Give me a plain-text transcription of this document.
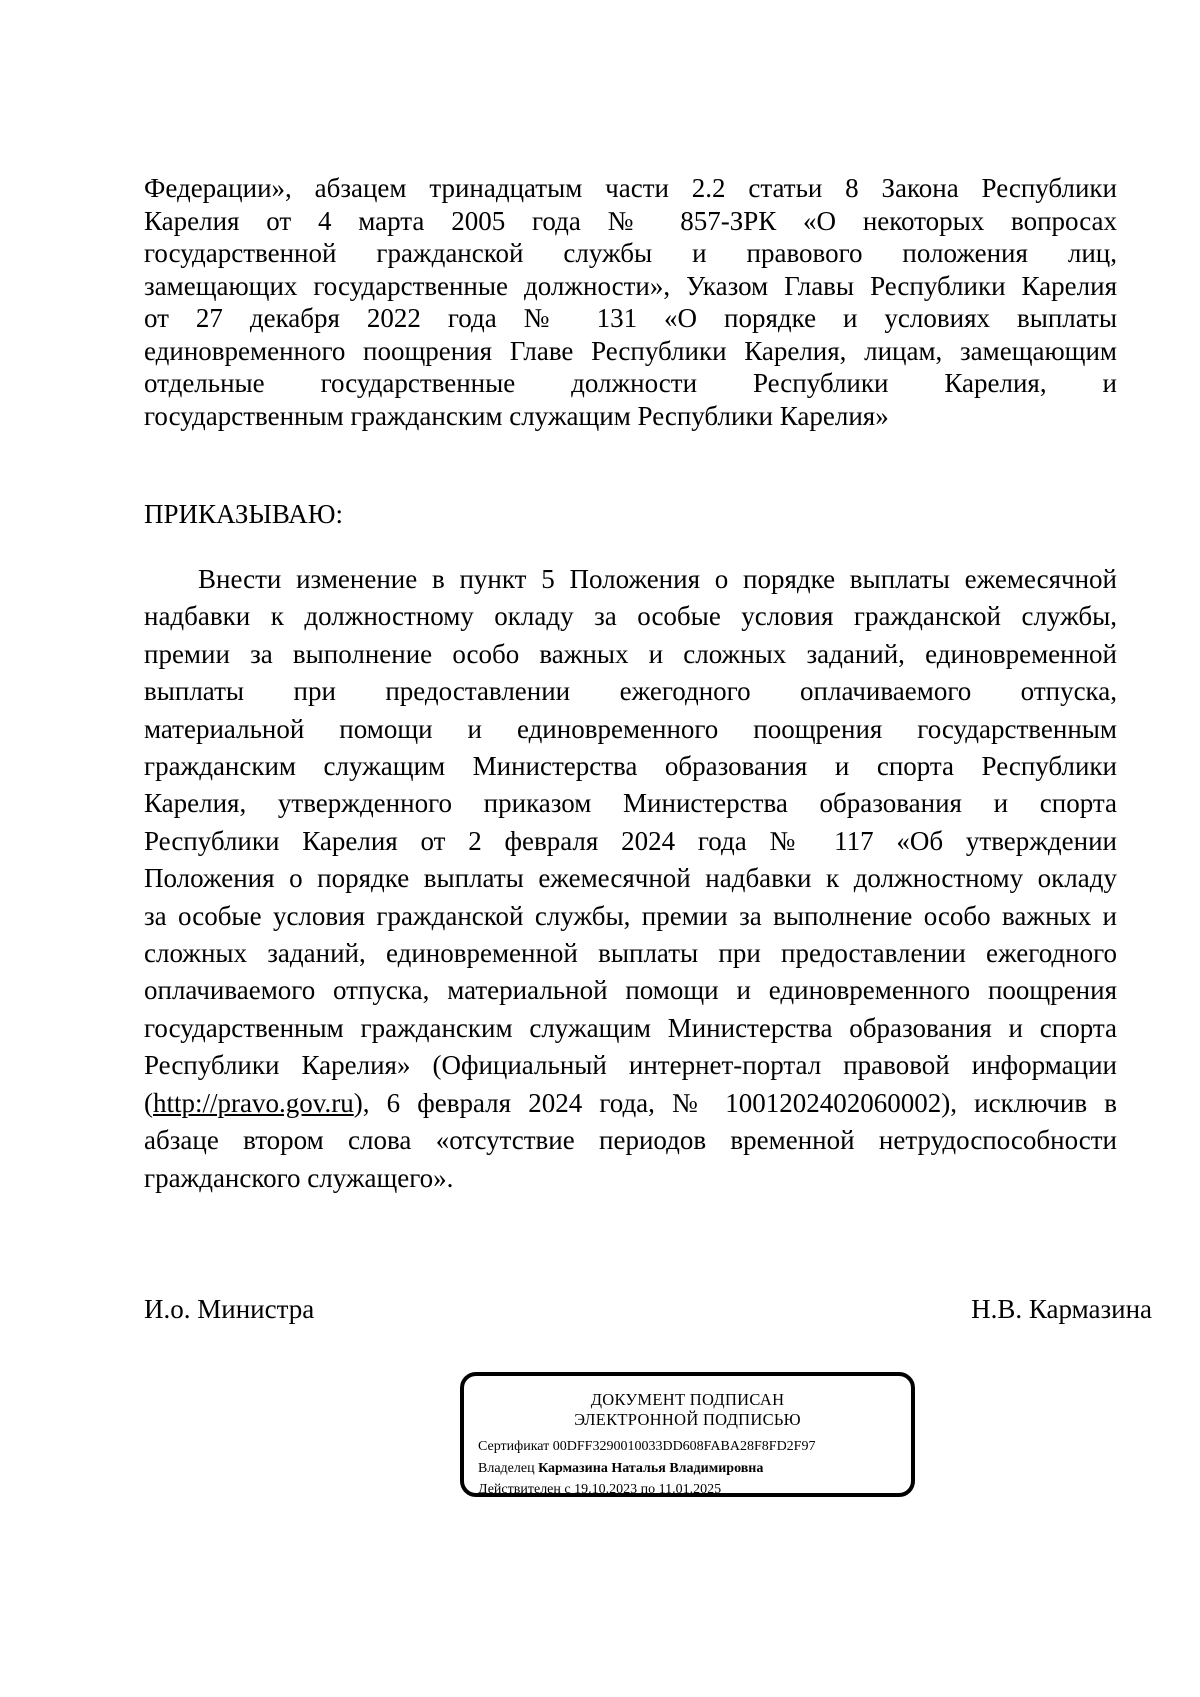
Федерации», абзацем тринадцатым части 2.2 статьи 8 Закона Республики
Карелия от 4 марта 2005 года № 857-ЗРК «О некоторых вопросах
государственной гражданской службы и правового положения лиц,
замещающих государственные должности», Указом Главы Республики Карелия
от 27 декабря 2022 года № 131 «О порядке и условиях выплаты
единовременного поощрения Главе Республики Карелия, лицам, замещающим
отдельные государственные должности Республики Карелия, и
государственным гражданским служащим Республики Карелия»
ПРИКАЗЫВАЮ:
Внести изменение в пункт 5 Положения о порядке выплаты ежемесячной
надбавки к должностному окладу за особые условия гражданской службы,
премии за выполнение особо важных и сложных заданий, единовременной
выплаты при предоставлении ежегодного оплачиваемого отпуска,
материальной помощи и единовременного поощрения государственным
гражданским служащим Министерства образования и спорта Республики
Карелия, утвержденного приказом Министерства образования и спорта
Республики Карелия от 2 февраля 2024 года № 117 «Об утверждении
Положения о порядке выплаты ежемесячной надбавки к должностному окладу
за особые условия гражданской службы, премии за выполнение особо важных и
сложных заданий, единовременной выплаты при предоставлении ежегодного
оплачиваемого отпуска, материальной помощи и единовременного поощрения
государственным гражданским служащим Министерства образования и спорта
Республики Карелия» (Официальный интернет-портал правовой информации
(http://pravo.gov.ru), 6 февраля 2024 года, № 1001202402060002), исключив в
абзаце втором слова «отсутствие периодов временной нетрудоспособности
гражданского служащего».
И.о. Министра	Н.В. Кармазина
ДОКУМЕНТ ПОДПИСАН
ЭЛЕКТРОННОЙ ПОДПИСЬЮ
Сертификат 00DFF3290010033DD608FABA28F8FD2F97
Владелец Кармазина Наталья Владимировна
Действителен с 19.10.2023 по 11.01.2025
